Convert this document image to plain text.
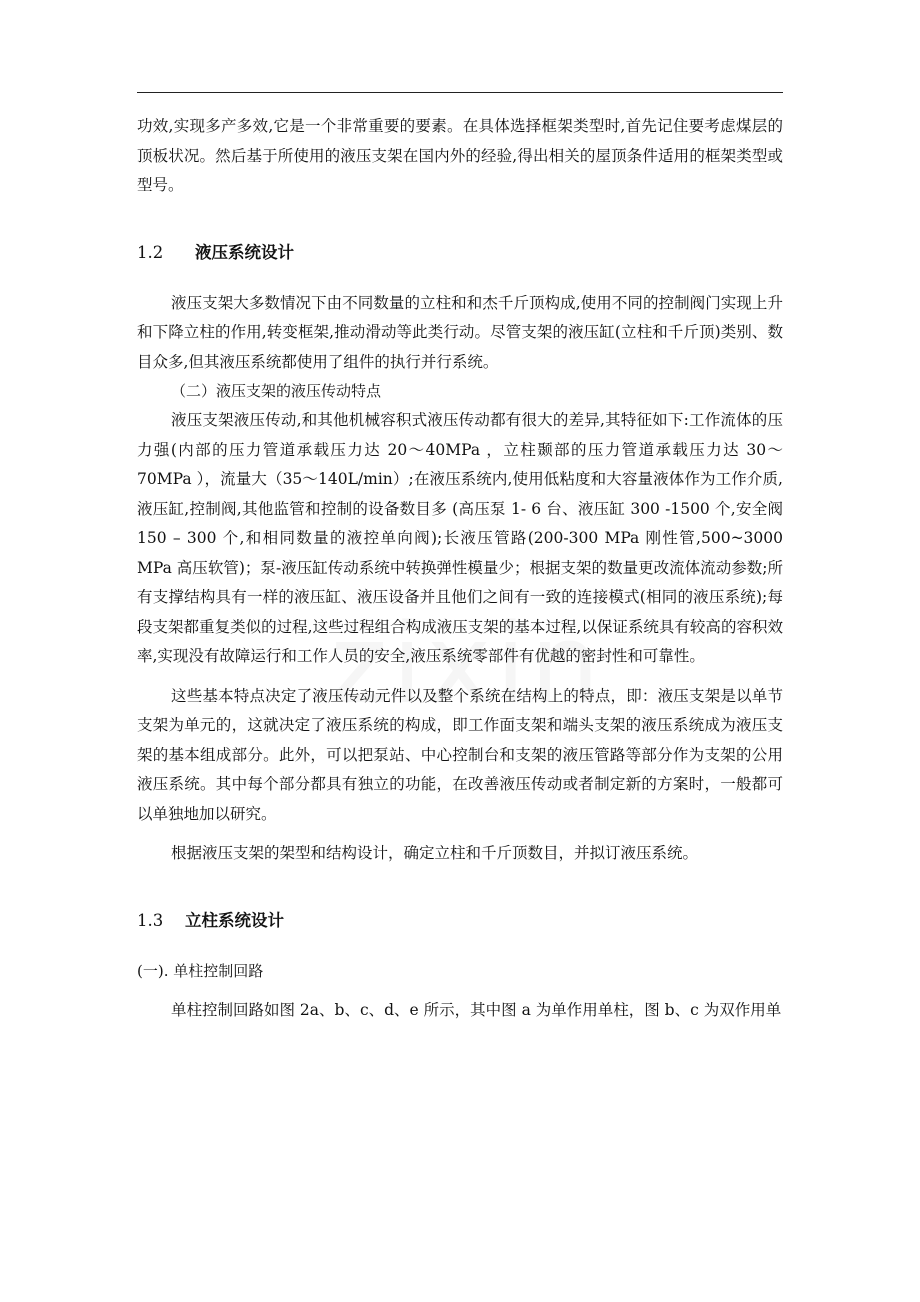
功效,实现多产多效,它是一个非常重要的要素。在具体选择框架类型时,首先记住要考虑煤层的顶板状况。然后基于所使用的液压支架在国内外的经验,得出相关的屋顶条件适用的框架类型或型号。

1.2 液压系统设计

液压支架大多数情况下由不同数量的立柱和和杰千斤顶构成,使用不同的控制阀门实现上升和下降立柱的作用,转变框架,推动滑动等此类行动。尽管支架的液压缸(立柱和千斤顶)类别、数目众多,但其液压系统都使用了组件的执行并行系统。

（二）液压支架的液压传动特点

液压支架液压传动,和其他机械容积式液压传动都有很大的差异,其特征如下:工作流体的压力强(内部的压力管道承载压力达 20～40MPa ，立柱颞部的压力管道承载压力达 30～70MPa ），流量大（35～140L/min）;在液压系统内,使用低粘度和大容量液体作为工作介质,液压缸,控制阀,其他监管和控制的设备数目多 (高压泵 1- 6 台、液压缸 300 -1500 个,安全阀 150 – 300 个,和相同数量的液控单向阀);长液压管路(200-300 MPa 刚性管,500~3000 MPa 高压软管)；泵-液压缸传动系统中转换弹性模量少；根据支架的数量更改流体流动参数;所有支撑结构具有一样的液压缸、液压设备并且他们之间有一致的连接模式(相同的液压系统);每段支架都重复类似的过程,这些过程组合构成液压支架的基本过程,以保证系统具有较高的容积效率,实现没有故障运行和工作人员的安全,液压系统零部件有优越的密封性和可靠性。

这些基本特点决定了液压传动元件以及整个系统在结构上的特点，即：液压支架是以单节支架为单元的，这就决定了液压系统的构成，即工作面支架和端头支架的液压系统成为液压支架的基本组成部分。此外，可以把泵站、中心控制台和支架的液压管路等部分作为支架的公用液压系统。其中每个部分都具有独立的功能，在改善液压传动或者制定新的方案时，一般都可以单独地加以研究。

根据液压支架的架型和结构设计，确定立柱和千斤顶数目，并拟订液压系统。

1.3 立柱系统设计

(一). 单柱控制回路

单柱控制回路如图 2a、b、c、d、e 所示，其中图 a 为单作用单柱，图 b、c 为双作用单
